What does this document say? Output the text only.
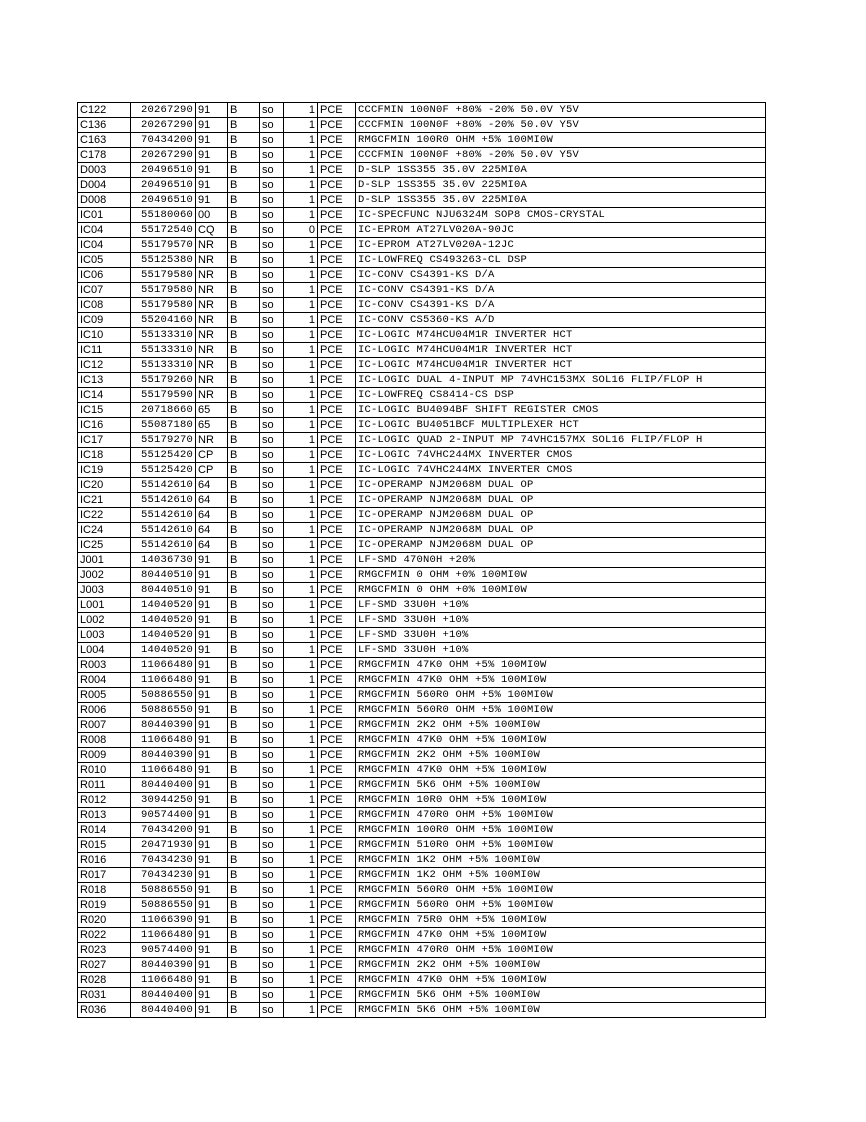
C122	20267290	91	B	so	1	PCE	CCCFMIN 100N0F +80% -20% 50.0V Y5V
C136	20267290	91	B	so	1	PCE	CCCFMIN 100N0F +80% -20% 50.0V Y5V
C163	70434200	91	B	so	1	PCE	RMGCFMIN 100R0 OHM +5% 100MI0W
C178	20267290	91	B	so	1	PCE	CCCFMIN 100N0F +80% -20% 50.0V Y5V
D003	20496510	91	B	so	1	PCE	D-SLP 1SS355 35.0V 225MI0A
D004	20496510	91	B	so	1	PCE	D-SLP 1SS355 35.0V 225MI0A
D008	20496510	91	B	so	1	PCE	D-SLP 1SS355 35.0V 225MI0A
IC01	55180060	00	B	so	1	PCE	IC-SPECFUNC NJU6324M SOP8 CMOS-CRYSTAL
IC04	55172540	CQ	B	so	0	PCE	IC-EPROM AT27LV020A-90JC
IC04	55179570	NR	B	so	1	PCE	IC-EPROM AT27LV020A-12JC
IC05	55125380	NR	B	so	1	PCE	IC-LOWFREQ CS493263-CL DSP
IC06	55179580	NR	B	so	1	PCE	IC-CONV CS4391-KS D/A
IC07	55179580	NR	B	so	1	PCE	IC-CONV CS4391-KS D/A
IC08	55179580	NR	B	so	1	PCE	IC-CONV CS4391-KS D/A
IC09	55204160	NR	B	so	1	PCE	IC-CONV CS5360-KS A/D
IC10	55133310	NR	B	so	1	PCE	IC-LOGIC M74HCU04M1R INVERTER HCT
IC11	55133310	NR	B	so	1	PCE	IC-LOGIC M74HCU04M1R INVERTER HCT
IC12	55133310	NR	B	so	1	PCE	IC-LOGIC M74HCU04M1R INVERTER HCT
IC13	55179260	NR	B	so	1	PCE	IC-LOGIC DUAL 4-INPUT MP 74VHC153MX SOL16 FLIP/FLOP H
IC14	55179590	NR	B	so	1	PCE	IC-LOWFREQ CS8414-CS DSP
IC15	20718660	65	B	so	1	PCE	IC-LOGIC BU4094BF SHIFT REGISTER CMOS
IC16	55087180	65	B	so	1	PCE	IC-LOGIC BU4051BCF MULTIPLEXER HCT
IC17	55179270	NR	B	so	1	PCE	IC-LOGIC QUAD 2-INPUT MP 74VHC157MX SOL16 FLIP/FLOP H
IC18	55125420	CP	B	so	1	PCE	IC-LOGIC 74VHC244MX INVERTER CMOS
IC19	55125420	CP	B	so	1	PCE	IC-LOGIC 74VHC244MX INVERTER CMOS
IC20	55142610	64	B	so	1	PCE	IC-OPERAMP NJM2068M DUAL OP
IC21	55142610	64	B	so	1	PCE	IC-OPERAMP NJM2068M DUAL OP
IC22	55142610	64	B	so	1	PCE	IC-OPERAMP NJM2068M DUAL OP
IC24	55142610	64	B	so	1	PCE	IC-OPERAMP NJM2068M DUAL OP
IC25	55142610	64	B	so	1	PCE	IC-OPERAMP NJM2068M DUAL OP
J001	14036730	91	B	so	1	PCE	LF-SMD 470N0H +20%
J002	80440510	91	B	so	1	PCE	RMGCFMIN 0 OHM +0% 100MI0W
J003	80440510	91	B	so	1	PCE	RMGCFMIN 0 OHM +0% 100MI0W
L001	14040520	91	B	so	1	PCE	LF-SMD 33U0H +10%
L002	14040520	91	B	so	1	PCE	LF-SMD 33U0H +10%
L003	14040520	91	B	so	1	PCE	LF-SMD 33U0H +10%
L004	14040520	91	B	so	1	PCE	LF-SMD 33U0H +10%
R003	11066480	91	B	so	1	PCE	RMGCFMIN 47K0 OHM +5% 100MI0W
R004	11066480	91	B	so	1	PCE	RMGCFMIN 47K0 OHM +5% 100MI0W
R005	50886550	91	B	so	1	PCE	RMGCFMIN 560R0 OHM +5% 100MI0W
R006	50886550	91	B	so	1	PCE	RMGCFMIN 560R0 OHM +5% 100MI0W
R007	80440390	91	B	so	1	PCE	RMGCFMIN 2K2 OHM +5% 100MI0W
R008	11066480	91	B	so	1	PCE	RMGCFMIN 47K0 OHM +5% 100MI0W
R009	80440390	91	B	so	1	PCE	RMGCFMIN 2K2 OHM +5% 100MI0W
R010	11066480	91	B	so	1	PCE	RMGCFMIN 47K0 OHM +5% 100MI0W
R011	80440400	91	B	so	1	PCE	RMGCFMIN 5K6 OHM +5% 100MI0W
R012	30944250	91	B	so	1	PCE	RMGCFMIN 10R0 OHM +5% 100MI0W
R013	90574400	91	B	so	1	PCE	RMGCFMIN 470R0 OHM +5% 100MI0W
R014	70434200	91	B	so	1	PCE	RMGCFMIN 100R0 OHM +5% 100MI0W
R015	20471930	91	B	so	1	PCE	RMGCFMIN 510R0 OHM +5% 100MI0W
R016	70434230	91	B	so	1	PCE	RMGCFMIN 1K2 OHM +5% 100MI0W
R017	70434230	91	B	so	1	PCE	RMGCFMIN 1K2 OHM +5% 100MI0W
R018	50886550	91	B	so	1	PCE	RMGCFMIN 560R0 OHM +5% 100MI0W
R019	50886550	91	B	so	1	PCE	RMGCFMIN 560R0 OHM +5% 100MI0W
R020	11066390	91	B	so	1	PCE	RMGCFMIN 75R0 OHM +5% 100MI0W
R022	11066480	91	B	so	1	PCE	RMGCFMIN 47K0 OHM +5% 100MI0W
R023	90574400	91	B	so	1	PCE	RMGCFMIN 470R0 OHM +5% 100MI0W
R027	80440390	91	B	so	1	PCE	RMGCFMIN 2K2 OHM +5% 100MI0W
R028	11066480	91	B	so	1	PCE	RMGCFMIN 47K0 OHM +5% 100MI0W
R031	80440400	91	B	so	1	PCE	RMGCFMIN 5K6 OHM +5% 100MI0W
R036	80440400	91	B	so	1	PCE	RMGCFMIN 5K6 OHM +5% 100MI0W
